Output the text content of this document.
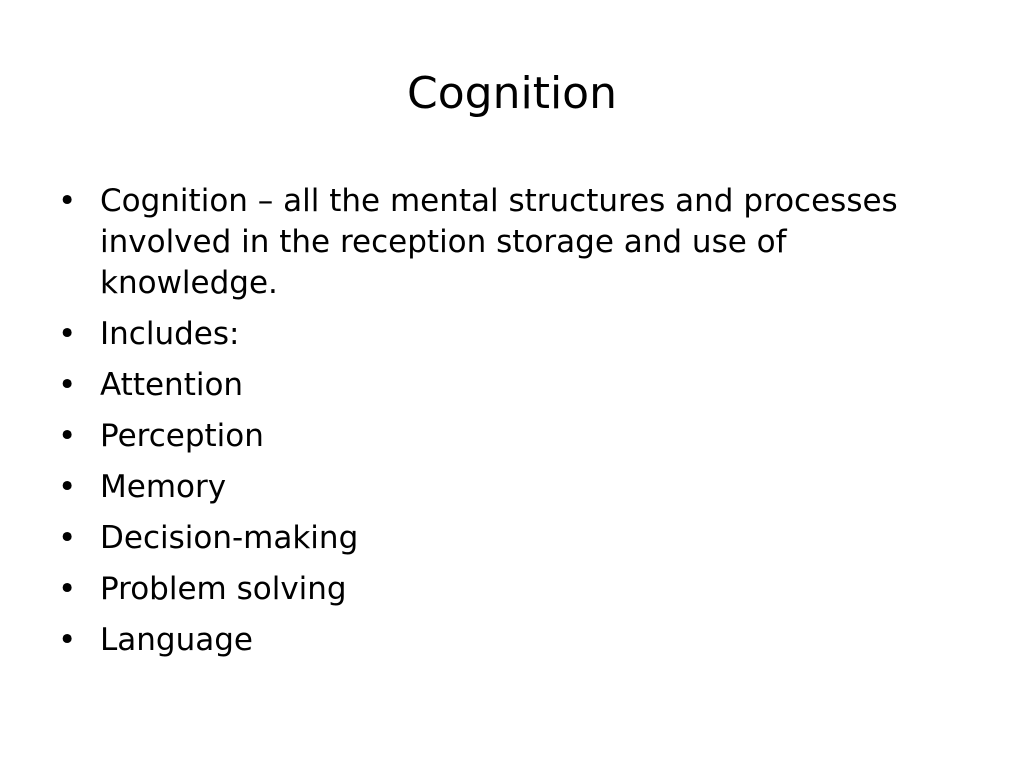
Cognition
• Cognition – all the mental structures and processes involved in the reception storage and use of knowledge.
• Includes:
• Attention
• Perception
• Memory
• Decision-making
• Problem solving
• Language
